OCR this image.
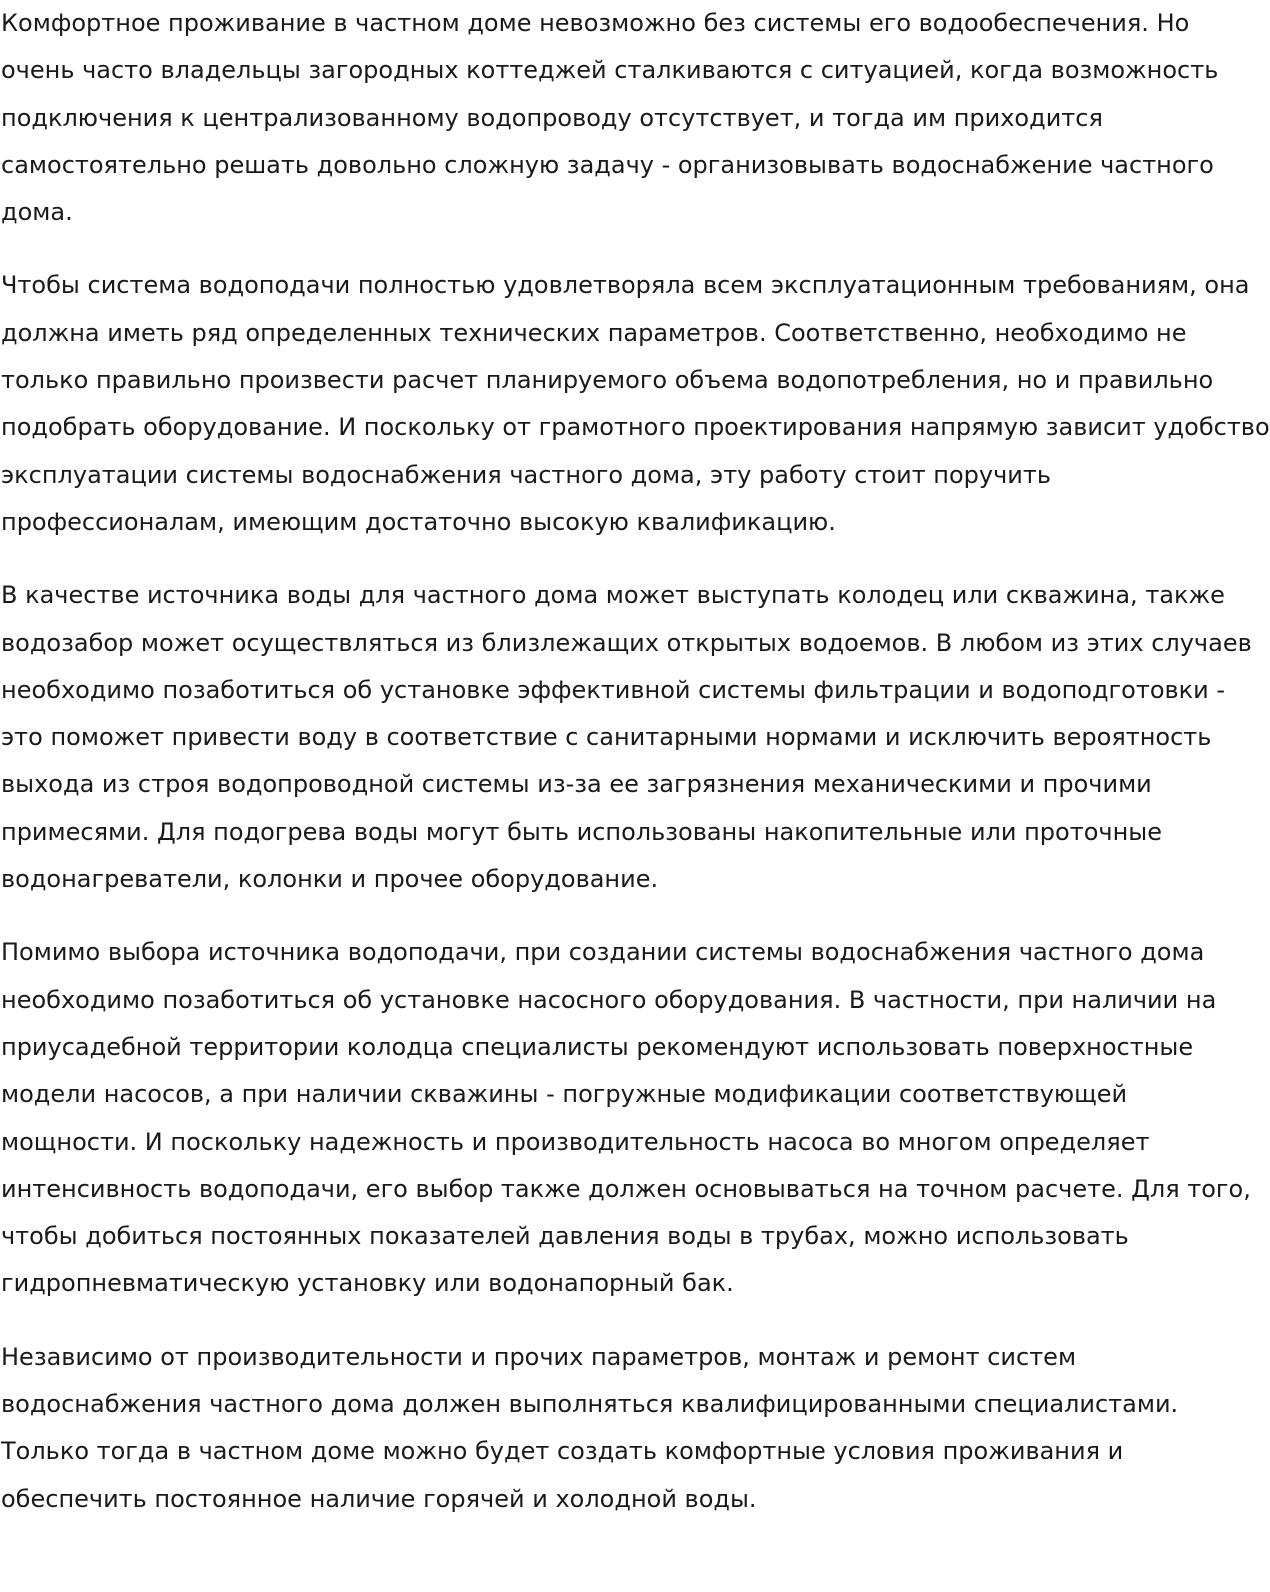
Комфортное проживание в частном доме невозможно без системы его водообеспечения. Но очень часто владельцы загородных коттеджей сталкиваются с ситуацией, когда возможность подключения к централизованному водопроводу отсутствует, и тогда им приходится самостоятельно решать довольно сложную задачу - организовывать водоснабжение частного дома.

Чтобы система водоподачи полностью удовлетворяла всем эксплуатационным требованиям, она должна иметь ряд определенных технических параметров. Соответственно, необходимо не только правильно произвести расчет планируемого объема водопотребления, но и правильно подобрать оборудование. И поскольку от грамотного проектирования напрямую зависит удобство эксплуатации системы водоснабжения частного дома, эту работу стоит поручить профессионалам, имеющим достаточно высокую квалификацию.

В качестве источника воды для частного дома может выступать колодец или скважина, также водозабор может осуществляться из близлежащих открытых водоемов. В любом из этих случаев необходимо позаботиться об установке эффективной системы фильтрации и водоподготовки - это поможет привести воду в соответствие с санитарными нормами и исключить вероятность выхода из строя водопроводной системы из-за ее загрязнения механическими и прочими примесями. Для подогрева воды могут быть использованы накопительные или проточные водонагреватели, колонки и прочее оборудование.

Помимо выбора источника водоподачи, при создании системы водоснабжения частного дома необходимо позаботиться об установке насосного оборудования. В частности, при наличии на приусадебной территории колодца специалисты рекомендуют использовать поверхностные модели насосов, а при наличии скважины - погружные модификации соответствующей мощности. И поскольку надежность и производительность насоса во многом определяет интенсивность водоподачи, его выбор также должен основываться на точном расчете. Для того, чтобы добиться постоянных показателей давления воды в трубах, можно использовать гидропневматическую установку или водонапорный бак.

Независимо от производительности и прочих параметров, монтаж и ремонт систем водоснабжения частного дома должен выполняться квалифицированными специалистами. Только тогда в частном доме можно будет создать комфортные условия проживания и обеспечить постоянное наличие горячей и холодной воды.
